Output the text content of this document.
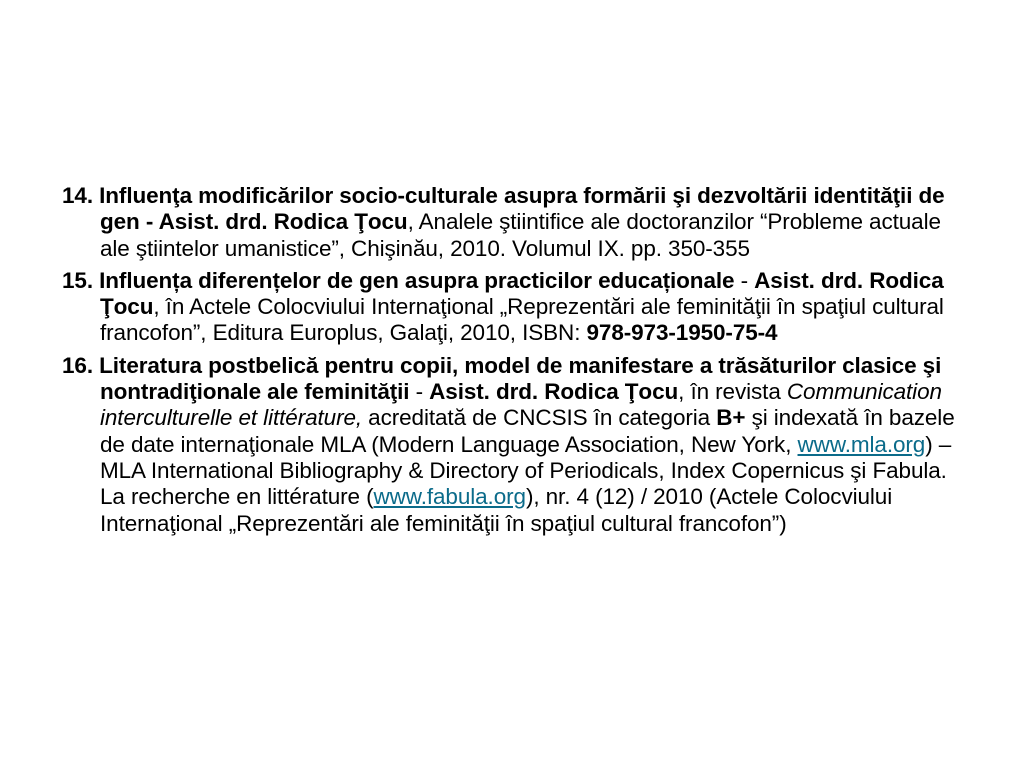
14. Influenţa modificărilor socio-culturale asupra formării şi dezvoltării identităţii de gen - Asist. drd. Rodica Ţocu, Analele ştiintifice ale doctoranzilor “Probleme actuale ale ştiintelor umanistice”, Chişinău, 2010. Volumul IX. pp. 350-355
15. Influența diferențelor de gen asupra practicilor educaționale - Asist. drd. Rodica Ţocu, în Actele Colocviului Internaţional „Reprezentări ale feminităţii în spaţiul cultural francofon”, Editura Europlus, Galaţi, 2010, ISBN: 978-973-1950-75-4
16. Literatura postbelică pentru copii, model de manifestare a trăsăturilor clasice şi nontradiţionale ale feminităţii - Asist. drd. Rodica Ţocu, în revista Communication interculturelle et littérature, acreditată de CNCSIS în categoria B+ şi indexată în bazele de date internaţionale MLA (Modern Language Association, New York, www.mla.org) – MLA International Bibliography & Directory of Periodicals, Index Copernicus şi Fabula. La recherche en littérature (www.fabula.org), nr. 4 (12) / 2010 (Actele Colocviului Internaţional „Reprezentări ale feminităţii în spaţiul cultural francofon”)
